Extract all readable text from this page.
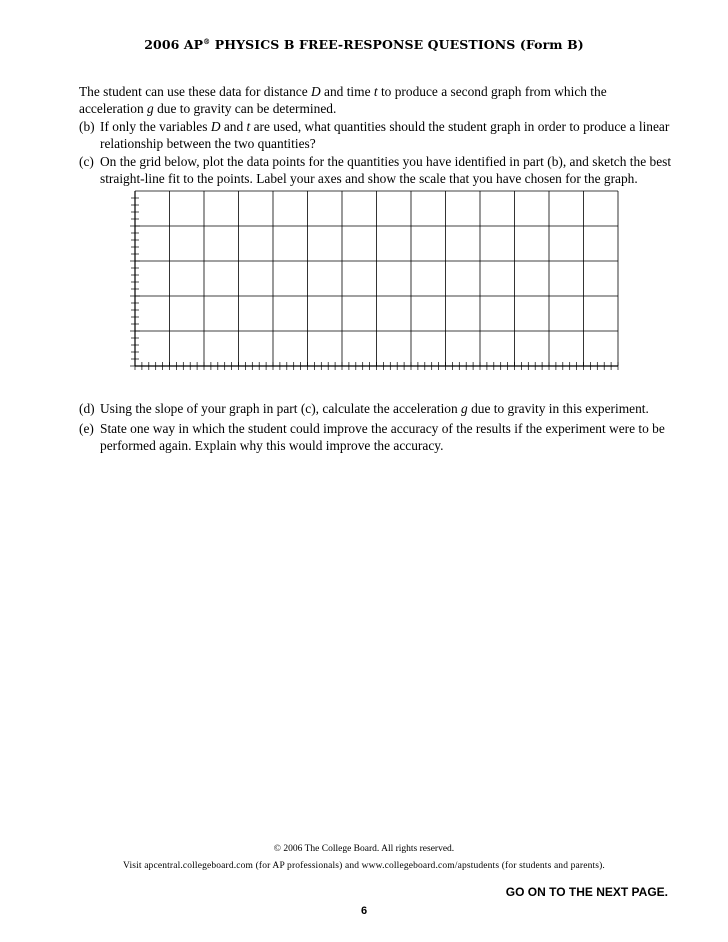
2006 AP® PHYSICS B FREE-RESPONSE QUESTIONS (Form B)
The student can use these data for distance D and time t to produce a second graph from which the acceleration g due to gravity can be determined.
(b) If only the variables D and t are used, what quantities should the student graph in order to produce a linear relationship between the two quantities?
(c) On the grid below, plot the data points for the quantities you have identified in part (b), and sketch the best straight-line fit to the points. Label your axes and show the scale that you have chosen for the graph.
(d) Using the slope of your graph in part (c), calculate the acceleration g due to gravity in this experiment.
(e) State one way in which the student could improve the accuracy of the results if the experiment were to be performed again. Explain why this would improve the accuracy.
© 2006 The College Board. All rights reserved.
Visit apcentral.collegeboard.com (for AP professionals) and www.collegeboard.com/apstudents (for students and parents).
GO ON TO THE NEXT PAGE.
6
